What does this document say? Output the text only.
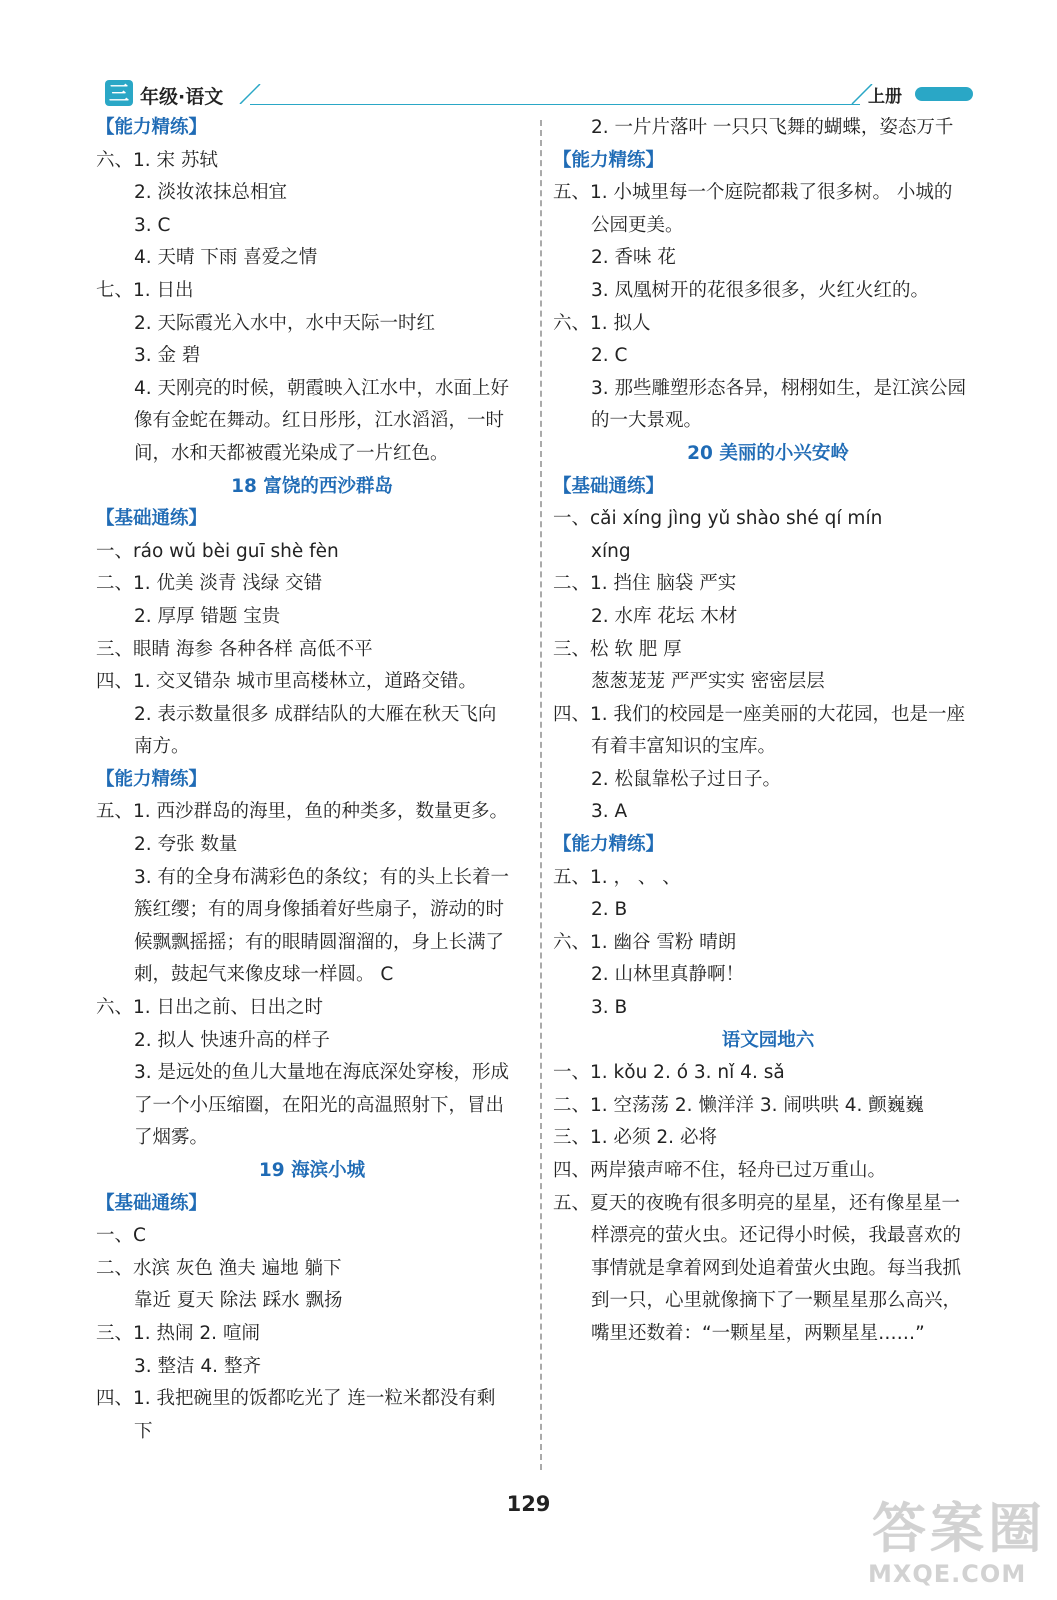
三 年级·语文	上册
【能力精练】
六、1. 宋 苏轼
2. 淡妆浓抹总相宜
3. C
4. 天晴 下雨 喜爱之情
七、1. 日出
2. 天际霞光入水中，水中天际一时红
3. 金 碧
4. 天刚亮的时候，朝霞映入江水中，水面上好
像有金蛇在舞动。红日彤彤，江水滔滔，一时
间，水和天都被霞光染成了一片红色。
18 富饶的西沙群岛
【基础通练】
一、ráo wǔ bèi guī shè fèn
二、1. 优美 淡青 浅绿 交错
2. 厚厚 错题 宝贵
三、眼睛 海参 各种各样 高低不平
四、1. 交叉错杂 城市里高楼林立，道路交错。
2. 表示数量很多 成群结队的大雁在秋天飞向
南方。
【能力精练】
五、1. 西沙群岛的海里，鱼的种类多，数量更多。
2. 夸张 数量
3. 有的全身布满彩色的条纹；有的头上长着一
簇红缨；有的周身像插着好些扇子，游动的时
候飘飘摇摇；有的眼睛圆溜溜的，身上长满了
刺，鼓起气来像皮球一样圆。 C
六、1. 日出之前、日出之时
2. 拟人 快速升高的样子
3. 是远处的鱼儿大量地在海底深处穿梭，形成
了一个小压缩圈，在阳光的高温照射下，冒出
了烟雾。
19 海滨小城
【基础通练】
一、C
二、水滨 灰色 渔夫 遍地 躺下
靠近 夏天 除法 踩水 飘扬
三、1. 热闹 2. 喧闹
3. 整洁 4. 整齐
四、1. 我把碗里的饭都吃光了 连一粒米都没有剩
下
2. 一片片落叶 一只只飞舞的蝴蝶，姿态万千
【能力精练】
五、1. 小城里每一个庭院都栽了很多树。 小城的
公园更美。
2. 香味 花
3. 凤凰树开的花很多很多，火红火红的。
六、1. 拟人
2. C
3. 那些雕塑形态各异，栩栩如生，是江滨公园
的一大景观。
20 美丽的小兴安岭
【基础通练】
一、cǎi xíng jìng yǔ shào shé qí mín
xíng
二、1. 挡住 脑袋 严实
2. 水库 花坛 木材
三、松 软 肥 厚
葱葱茏茏 严严实实 密密层层
四、1. 我们的校园是一座美丽的大花园，也是一座
有着丰富知识的宝库。
2. 松鼠靠松子过日子。
3. A
【能力精练】
五、1. ， 、 、
2. B
六、1. 幽谷 雪粉 晴朗
2. 山林里真静啊！
3. B
语文园地六
一、1. kǒu 2. ó 3. nǐ 4. sǎ
二、1. 空荡荡 2. 懒洋洋 3. 闹哄哄 4. 颤巍巍
三、1. 必须 2. 必将
四、两岸猿声啼不住，轻舟已过万重山。
五、夏天的夜晚有很多明亮的星星，还有像星星一
样漂亮的萤火虫。还记得小时候，我最喜欢的
事情就是拿着网到处追着萤火虫跑。每当我抓
到一只，心里就像摘下了一颗星星那么高兴，
嘴里还数着：“一颗星星，两颗星星……”
129	答案圈
MXQE.COM
